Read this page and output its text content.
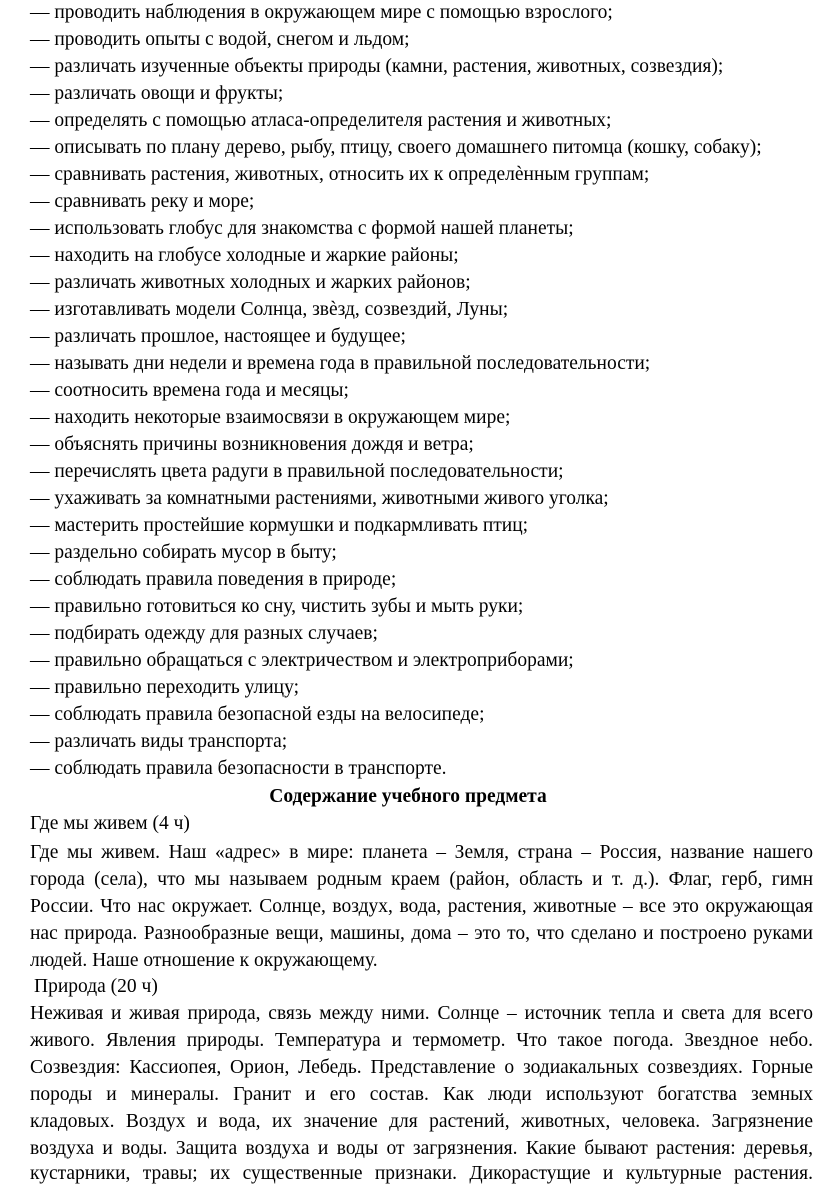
— проводить наблюдения в окружающем мире с помощью взрослого;
— проводить опыты с водой, снегом и льдом;
— различать изученные объекты природы (камни, растения, животных, созвездия);
— различать овощи и фрукты;
— определять с помощью атласа-определителя растения и животных;
— описывать по плану дерево, рыбу, птицу, своего домашнего питомца (кошку, собаку);
— сравнивать растения, животных, относить их к определѐнным группам;
— сравнивать реку и море;
— использовать глобус для знакомства с формой нашей планеты;
— находить на глобусе холодные и жаркие районы;
— различать животных холодных и жарких районов;
— изготавливать модели Солнца, звѐзд, созвездий, Луны;
— различать прошлое, настоящее и будущее;
— называть дни недели и времена года в правильной последовательности;
— соотносить времена года и месяцы;
— находить некоторые взаимосвязи в окружающем мире;
— объяснять причины возникновения дождя и ветра;
— перечислять цвета радуги в правильной последовательности;
— ухаживать за комнатными растениями, животными живого уголка;
— мастерить простейшие кормушки и подкармливать птиц;
— раздельно собирать мусор в быту;
— соблюдать правила поведения в природе;
— правильно готовиться ко сну, чистить зубы и мыть руки;
— подбирать одежду для разных случаев;
— правильно обращаться с электричеством и электроприборами;
— правильно переходить улицу;
— соблюдать правила безопасной езды на велосипеде;
— различать виды транспорта;
— соблюдать правила безопасности в транспорте.
Содержание учебного предмета
Где мы живем (4 ч)
Где мы живем. Наш «адрес» в мире: планета – Земля, страна – Россия, название нашего
города (села), что мы называем родным краем (район, область и т. д.). Флаг, герб, гимн
России. Что нас окружает. Солнце, воздух, вода, растения, животные – все это окружающая
нас природа. Разнообразные вещи, машины, дома – это то, что сделано и построено руками
людей. Наше отношение к окружающему.
Природа (20 ч)
Неживая и живая природа, связь между ними. Солнце – источник тепла и света для всего
живого. Явления природы. Температура и термометр. Что такое погода. Звездное небо.
Созвездия: Кассиопея, Орион, Лебедь. Представление о зодиакальных созвездиях. Горные
породы и минералы. Гранит и его состав. Как люди используют богатства земных
кладовых. Воздух и вода, их значение для растений, животных, человека. Загрязнение
воздуха и воды. Защита воздуха и воды от загрязнения. Какие бывают растения: деревья,
кустарники, травы; их существенные признаки. Дикорастущие и культурные растения.
